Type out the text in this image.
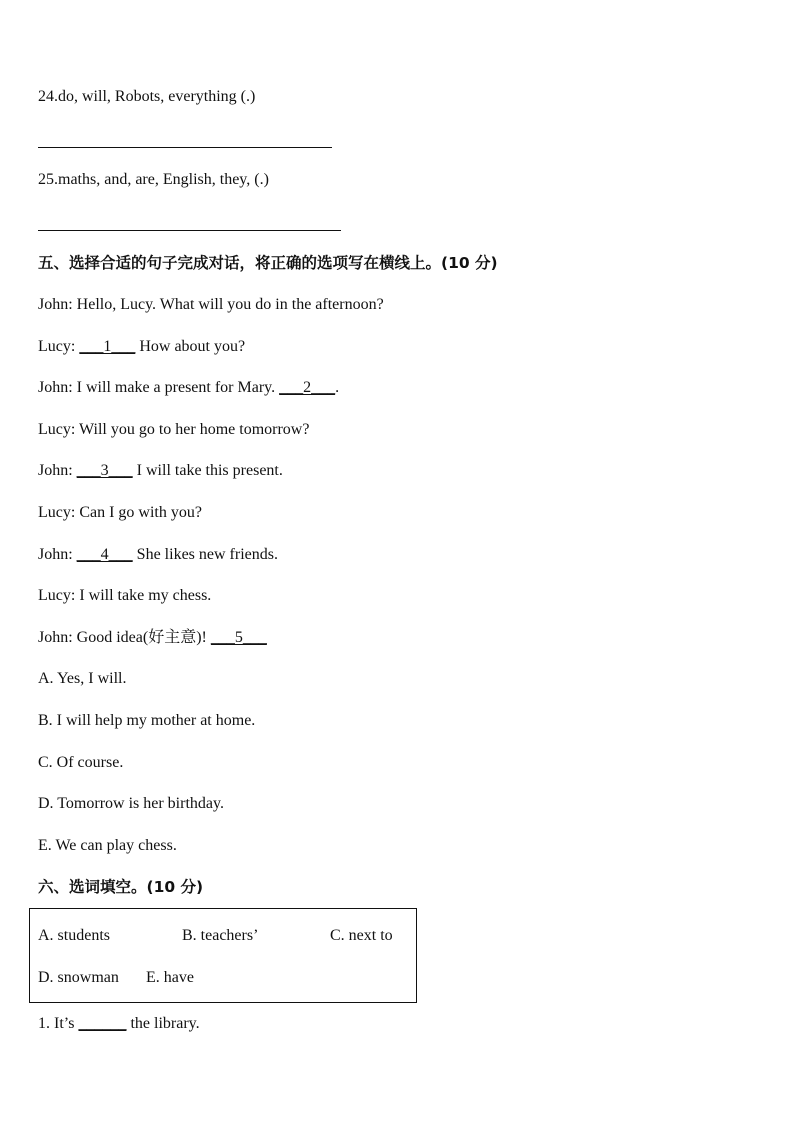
24.do, will, Robots, everything (.)
25.maths, and, are, English, they, (.)
五、选择合适的句子完成对话，将正确的选项写在横线上。(10 分)
John: Hello, Lucy. What will you do in the afternoon?
Lucy: ___1___ How about you?
John: I will make a present for Mary. ___2___.
Lucy: Will you go to her home tomorrow?
John: ___3___ I will take this present.
Lucy: Can I go with you?
John: ___4___ She likes new friends.
Lucy: I will take my chess.
John: Good idea(好主意)! ___5___
A. Yes, I will.
B. I will help my mother at home.
C. Of course.
D. Tomorrow is her birthday.
E. We can play chess.
六、选词填空。(10 分)
A. students	B. teachers’	C. next to
D. snowman E. have
1. It’s ______ the library.
